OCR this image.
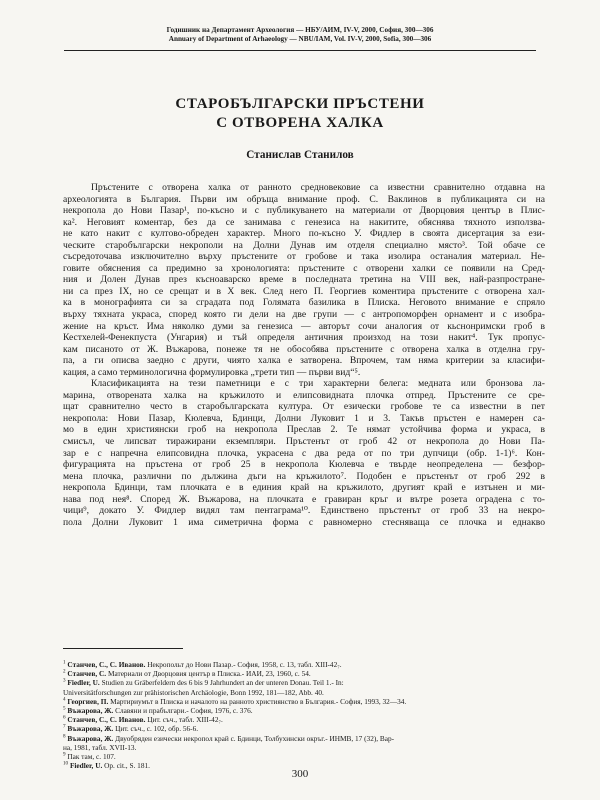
Годишник на Департамент Археология — НБУ/АИМ, IV-V, 2000, София, 300—306
Annuary of Department of Arhaeology — NBU/IAM, Vol. IV-V, 2000, Sofia, 300—306
СТАРОБЪЛГАРСКИ ПРЪСТЕНИ
С ОТВОРЕНА ХАЛКА
Станислав Станилов
Пръстените с отворена халка от ранното средновековие са известни сравнително отдавна на
археологията в България. Първи им обръща внимание проф. С. Ваклинов в публикацията си на
некропола до Нови Пазар¹, по-късно и с публикуването на материали от Дворцовия център в Плис-
ка². Неговият коментар, без да се занимава с генезиса на накитите, обяснява тяхното използва-
не като накит с култово-обреден характер. Много по-късно У. Фидлер в своята дисертация за ези-
ческите старобългарски некрополи на Долни Дунав им отделя специално място³. Той обаче се
съсредоточава изключително върху пръстените от гробове и така изолира останалия материал. Не-
говите обяснения са предимно за хронологията: пръстените с отворени халки се появили на Сред-
ния и Долен Дунав през късноаварско време в последната третина на VIII век, най-разпростране-
ни са през IX, но се срещат и в X век. След него П. Георгиев коментира пръстените с отворена хал-
ка в монографията си за сградата под Голямата базилика в Плиска. Неговото внимание е спряло
върху тяхната украса, според която ги дели на две групи — с антропоморфен орнамент и с изобра-
жение на кръст. Има няколко думи за генезиса — авторът сочи аналогия от кьснонримски гроб в
Кестхелей-Фенекпуста (Унгария) и тъй определя античния произход на този накит⁴. Тук пропус-
кам писаното от Ж. Въжарова, понеже тя не обособява пръстените с отворена халка в отделна гру-
па, а ги описва заедно с други, чиято халка е затворена. Впрочем, там няма критерии за класифи-
кация, а само терминологична формулировка „трети тип — първи вид“⁵.
Класификацията на тези паметници е с три характерни белега: медната или бронзова ла-
марина, отворената халка на кръжилото и елипсовидната плочка отпред. Пръстените се сре-
щат сравнително често в старобългарската култура. От езически гробове те са известни в пет
некропола: Нови Пазар, Кюлевча, Бдинци, Долни Луковит 1 и 3. Такъв пръстен е намерен са-
мо в един християнски гроб на некропола Преслав 2. Те нямат устойчива форма и украса, в
смисъл, че липсват тиражирани екземпляри. Пръстенът от гроб 42 от некропола до Нови Па-
зар е с напречна елипсовидна плочка, украсена с два реда от по три дупчици (обр. 1-1)⁶. Кон-
фигурацията на пръстена от гроб 25 в некропола Кюлевча е твърде неопределена — безфор-
мена плочка, различни по дължина дъги на кръжилото⁷. Подобен е пръстенът от гроб 292 в
некропола Бдинци, там плочката е в единия край на кръжилото, другият край е изтънен и ми-
нава под нея⁸. Според Ж. Въжарова, на плочката е гравиран кръг и вътре розета оградена с то-
чици⁹, докато У. Фидлер видял там пентаграма¹⁰. Единствено пръстенът от гроб 33 на некро-
пола Долни Луковит 1 има симетрична форма с равномерно стесняваща се плочка и еднакво
$^1$ Станчев, С., С. Иванов. Некропольт до Нови Пазар.- София, 1958, с. 13, табл. XIII-42₇.
$^2$ Станчев, С. Материали от Дворцовия център в Плиска.- ИАИ, 23, 1960, с. 54.
$^3$ Fiedler, U. Studien zu Gräberfeldern des 6 bis 9 Jahrhundert an der unteren Donau. Teil 1.- In:
Universitätforschungen zur prähistorischen Archäologie, Bonn 1992, 181—182, Abb. 40.
$^4$ Георгиев, П. Мартириумът в Плиска и началото на ранното християнство в България.- София, 1993, 32—34.
$^5$ Въжарова, Ж. Славяни и прабългари.- София, 1976, с. 376.
$^6$ Станчев, С., С. Иванов. Цит. съч., табл. XIII-42₇.
$^7$ Въжарова, Ж. Цит. съч., с. 102, обр. 56-6.
$^8$ Въжарова, Ж. Двуобряден езически некропол край с. Бдинци, Толбухински окръг.- ИНМВ, 17 (32), Вар-
на, 1981, табл. XVII-13.
$^9$ Пак там, с. 107.
$^{10}$ Fiedler, U. Op. cit., S. 181.
300
